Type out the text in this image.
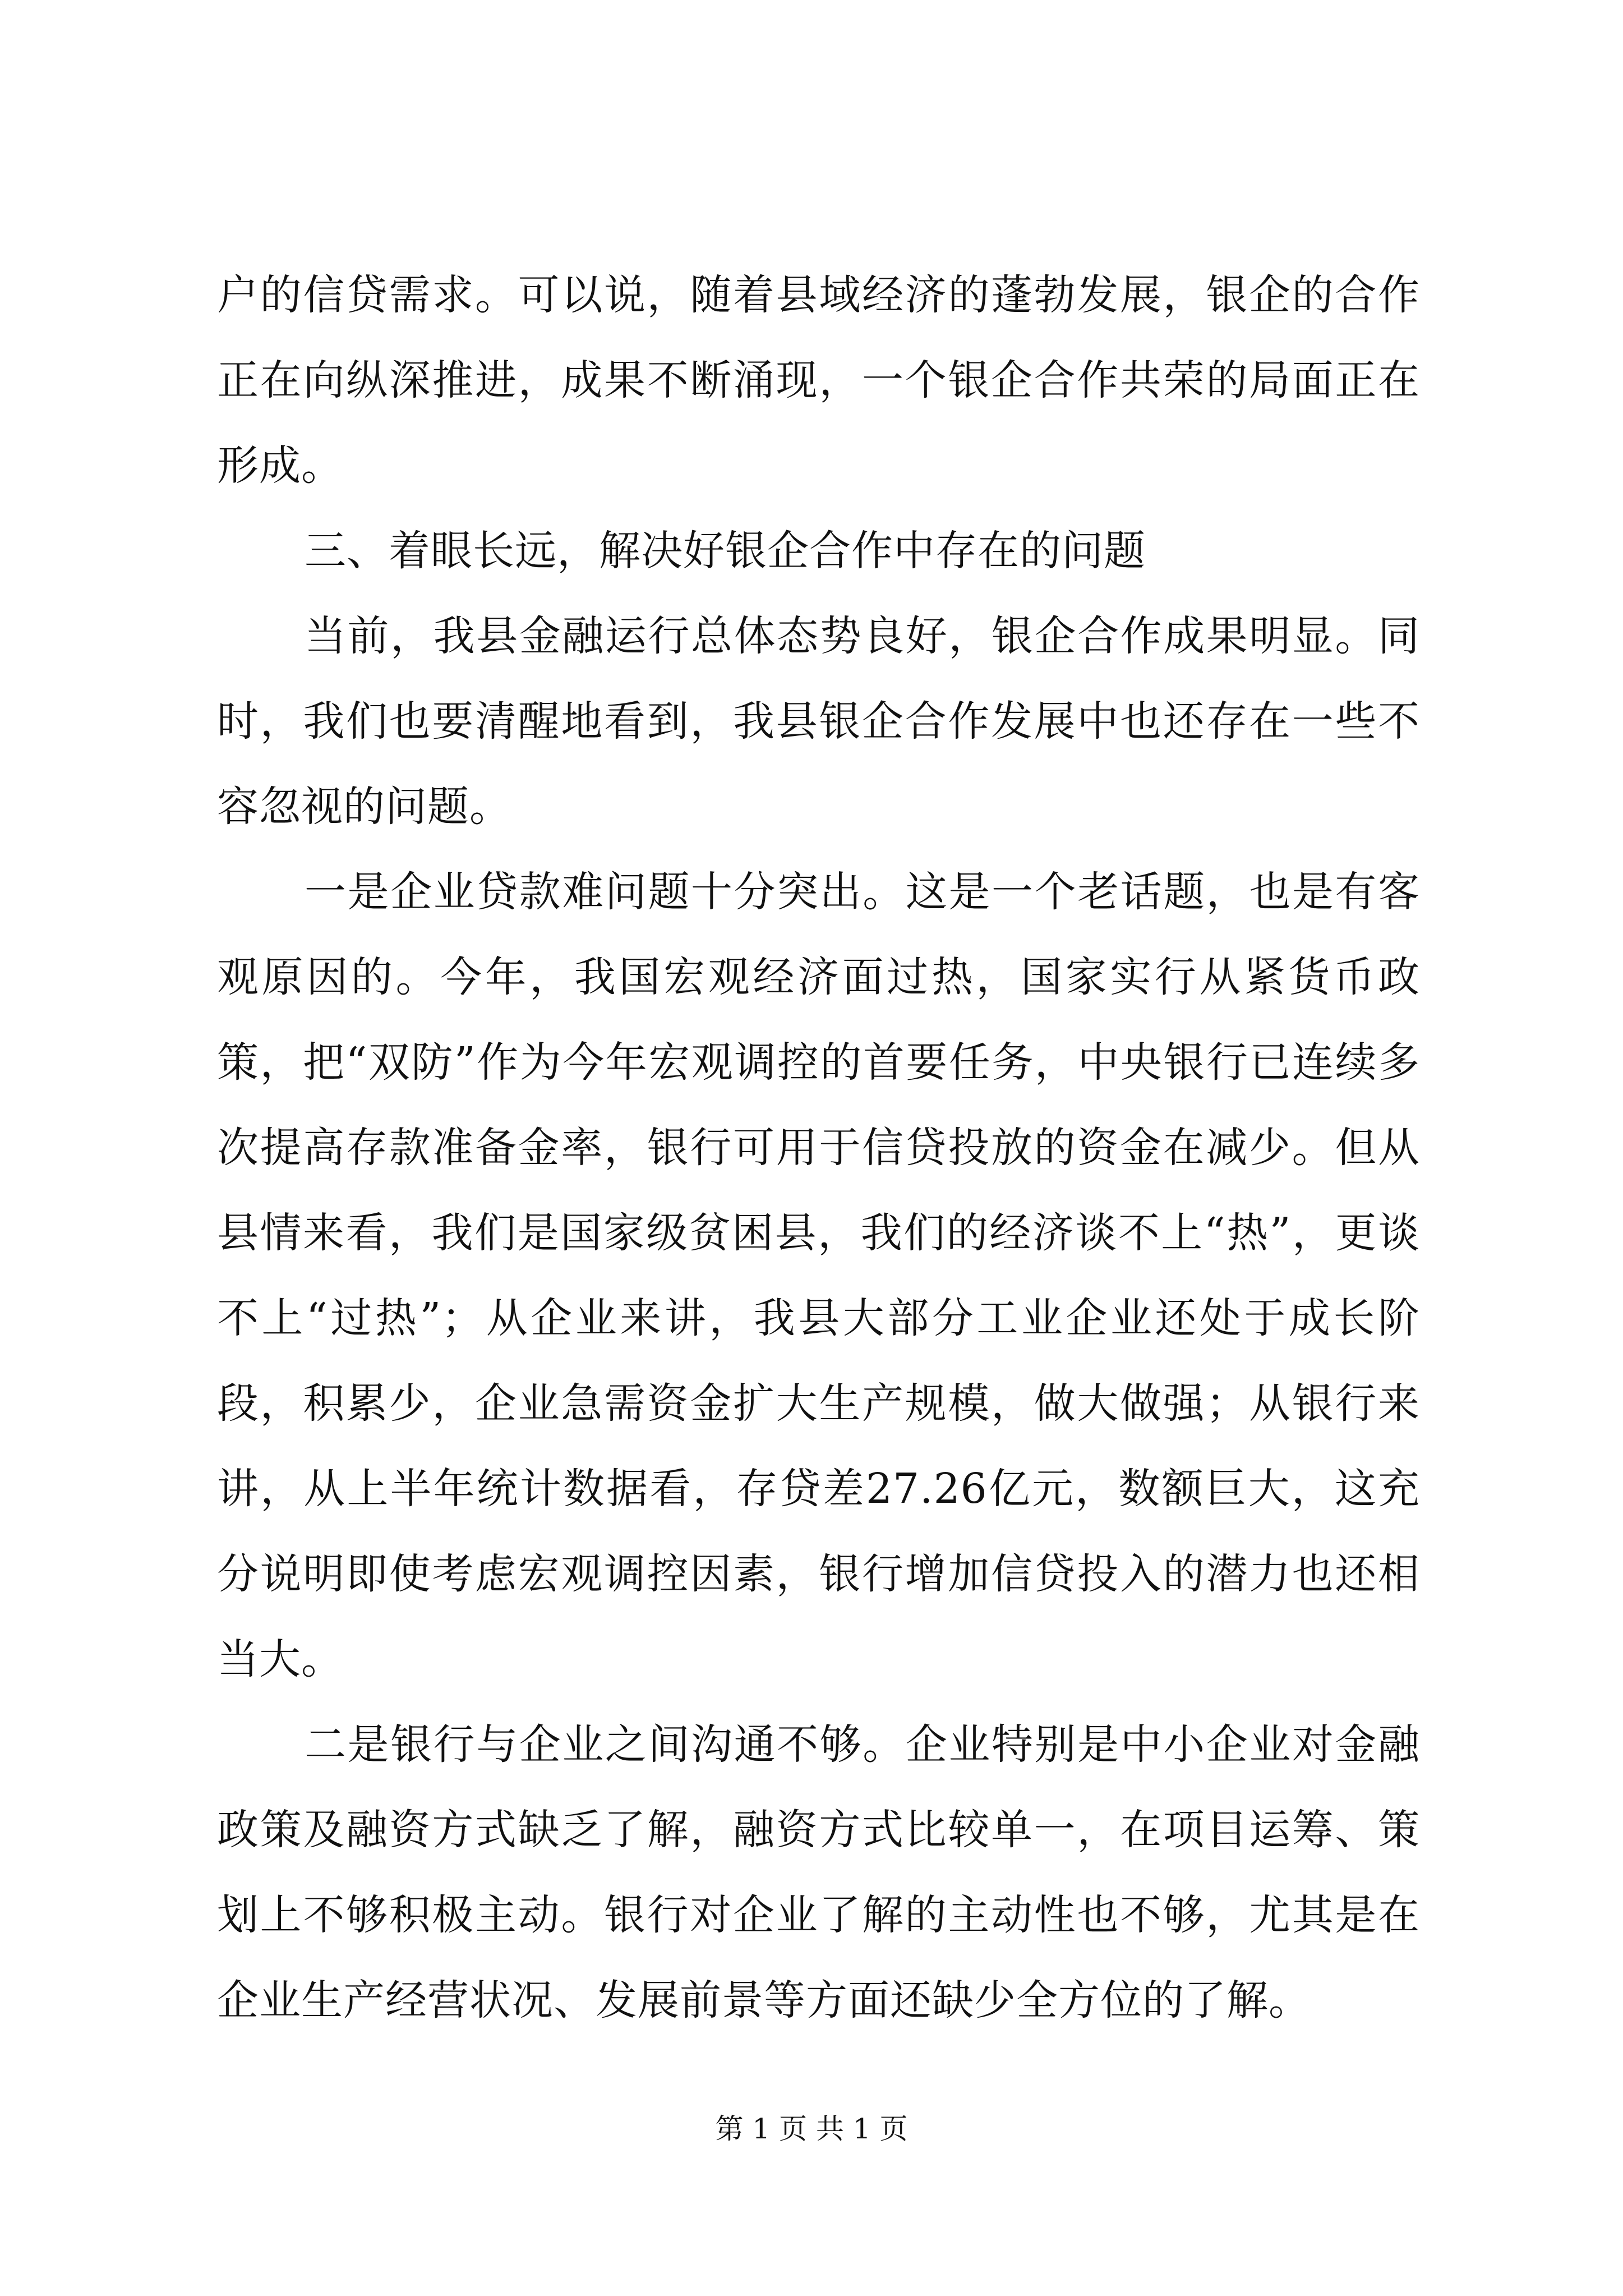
户的信贷需求。可以说，随着县域经济的蓬勃发展，银企的合作正在向纵深推进，成果不断涌现，一个银企合作共荣的局面正在形成。

三、着眼长远，解决好银企合作中存在的问题

当前，我县金融运行总体态势良好，银企合作成果明显。同时，我们也要清醒地看到，我县银企合作发展中也还存在一些不容忽视的问题。

一是企业贷款难问题十分突出。这是一个老话题，也是有客观原因的。今年，我国宏观经济面过热，国家实行从紧货币政策，把“双防”作为今年宏观调控的首要任务，中央银行已连续多次提高存款准备金率，银行可用于信贷投放的资金在减少。但从县情来看，我们是国家级贫困县，我们的经济谈不上“热”，更谈不上“过热”；从企业来讲，我县大部分工业企业还处于成长阶段，积累少，企业急需资金扩大生产规模，做大做强；从银行来讲，从上半年统计数据看，存贷差27.26亿元，数额巨大，这充分说明即使考虑宏观调控因素，银行增加信贷投入的潜力也还相当大。

二是银行与企业之间沟通不够。企业特别是中小企业对金融政策及融资方式缺乏了解，融资方式比较单一，在项目运筹、策划上不够积极主动。银行对企业了解的主动性也不够，尤其是在企业生产经营状况、发展前景等方面还缺少全方位的了解。

第 1 页 共 1 页
